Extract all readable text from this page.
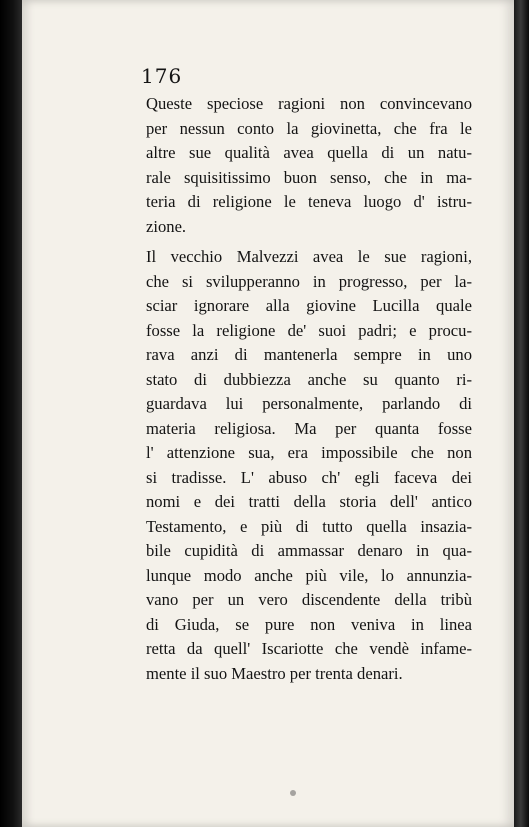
176

Queste speciose ragioni non convincevano
per nessun conto la giovinetta, che fra le
altre sue qualità avea quella di un natu-
rale squisitissimo buon senso, che in ma-
teria di religione le teneva luogo d' istru-
zione.

Il vecchio Malvezzi avea le sue ragioni,
che si svilupperanno in progresso, per la-
sciar ignorare alla giovine Lucilla quale
fosse la religione de' suoi padri; e procu-
rava anzi di mantenerla sempre in uno
stato di dubbiezza anche su quanto ri-
guardava lui personalmente, parlando di
materia religiosa. Ma per quanta fosse
l' attenzione sua, era impossibile che non
si tradisse. L' abuso ch' egli faceva dei
nomi e dei tratti della storia dell' antico
Testamento, e più di tutto quella insazia-
bile cupidità di ammassar denaro in qua-
lunque modo anche più vile, lo annunzia-
vano per un vero discendente della tribù
di Giuda, se pure non veniva in linea
retta da quell' Iscariotte che vendè infame-
mente il suo Maestro per trenta denari.
